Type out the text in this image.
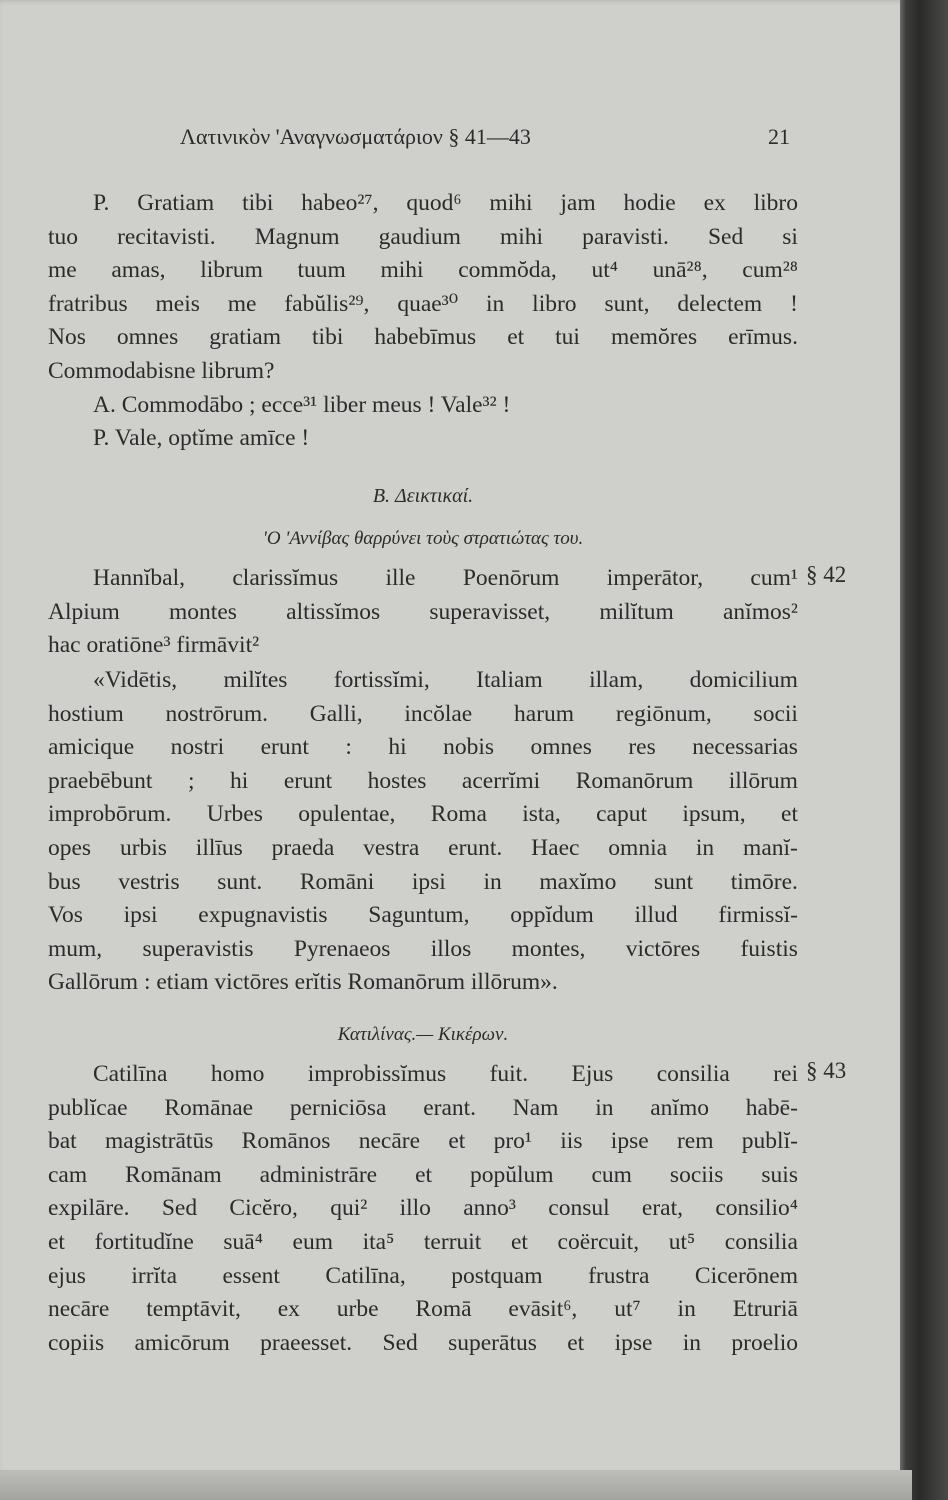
Λατινικὸν 'Αναγνωσματάριον § 41—43	21
P. Gratiam tibi habeo²⁷, quod⁶ mihi jam hodie ex libro
tuo recitavisti. Magnum gaudium mihi paravisti. Sed si
me amas, librum tuum mihi commŏda, ut⁴ unā²⁸, cum²⁸
fratribus meis me fabŭlis²⁹, quae³⁰ in libro sunt, delectem !
Nos omnes gratiam tibi habebīmus et tui memŏres erīmus.
Commodabisne librum?
A. Commodābo ; ecce³¹ liber meus ! Vale³² !
P. Vale, optĭme amīce !
B. Δεικτικαί.
'Ο 'Αννίβας θαρρύνει τοὺς στρατιώτας του.
§ 42
Hannĭbal, clarissĭmus ille Poenōrum imperātor, cum¹
Alpium montes altissĭmos superavisset, milĭtum anĭmos²
hac oratiōne³ firmāvit²
«Vidētis, milĭtes fortissĭmi, Italiam illam, domicilium
hostium nostrōrum. Galli, incŏlae harum regiōnum, socii
amicique nostri erunt : hi nobis omnes res necessarias
praebēbunt ; hi erunt hostes acerrĭmi Romanōrum illōrum
improbōrum. Urbes opulentae, Roma ista, caput ipsum, et
opes urbis illīus praeda vestra erunt. Haec omnia in manĭ-
bus vestris sunt. Romāni ipsi in maxĭmo sunt timōre.
Vos ipsi expugnavistis Saguntum, oppĭdum illud firmissĭ-
mum, superavistis Pyrenaeos illos montes, victōres fuistis
Gallōrum : etiam victōres erĭtis Romanōrum illōrum».
Κατιλίνας.— Κικέρων.
§ 43
Catilīna homo improbissĭmus fuit. Ejus consilia rei
publĭcae Romānae perniciōsa erant. Nam in anĭmo habē-
bat magistrātūs Romānos necāre et pro¹ iis ipse rem publĭ-
cam Romānam administrāre et popŭlum cum sociis suis
expilāre. Sed Cicĕro, qui² illo anno³ consul erat, consilio⁴
et fortitudĭne suā⁴ eum ita⁵ terruit et coërcuit, ut⁵ consilia
ejus irrĭta essent Catilīna, postquam frustra Cicerōnem
necāre temptāvit, ex urbe Romā evāsit⁶, ut⁷ in Etruriā
copiis amicōrum praeesset. Sed superātus et ipse in proelio
